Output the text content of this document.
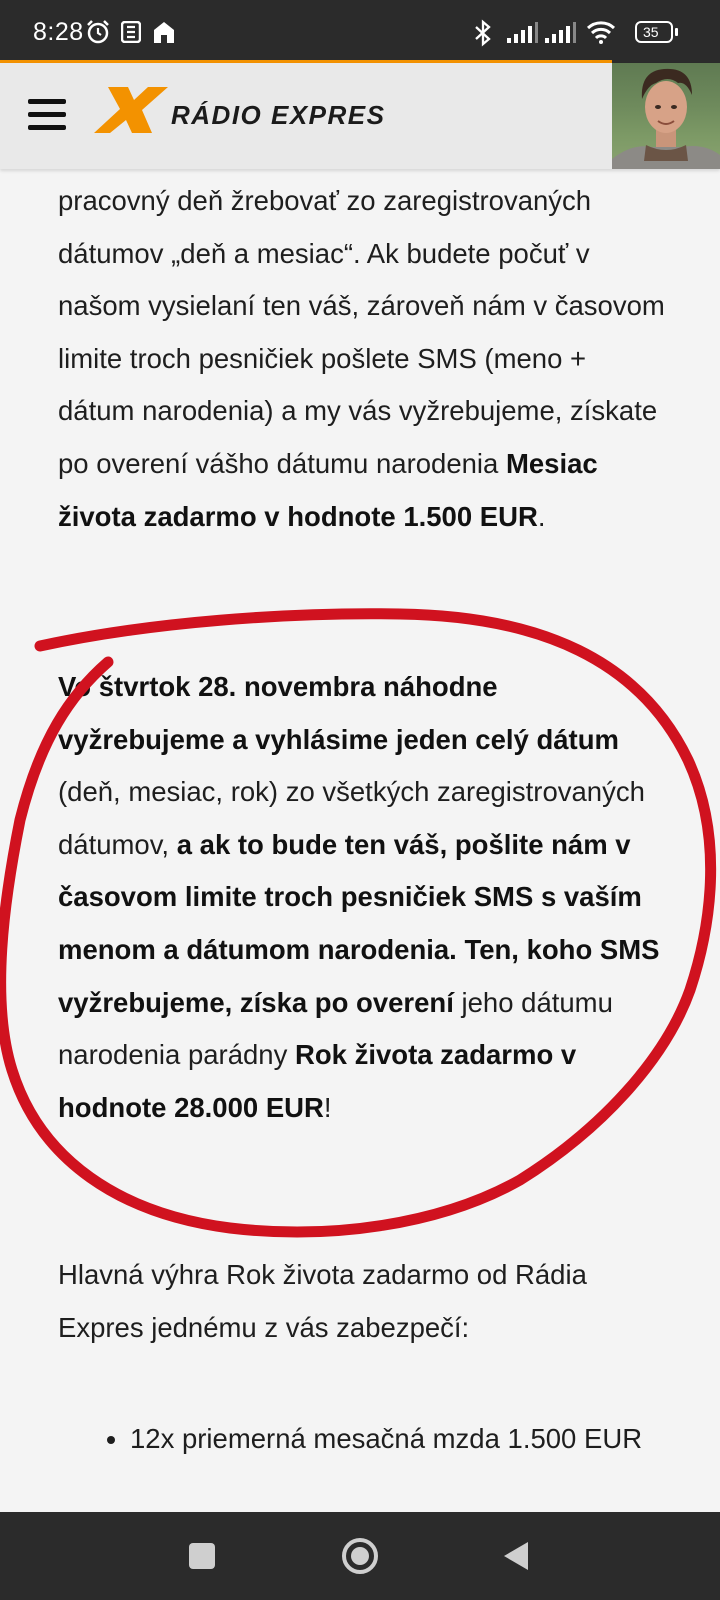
8:28	35
RÁDIO EXPRES

pracovný deň žrebovať zo zaregistrovaných dátumov „deň a mesiac“. Ak budete počuť v našom vysielaní ten váš, zároveň nám v časovom limite troch pesničiek pošlete SMS (meno + dátum narodenia) a my vás vyžrebujeme, získate po overení vášho dátumu narodenia Mesiac života zadarmo v hodnote 1.500 EUR.

Vo štvrtok 28. novembra náhodne vyžrebujeme a vyhlásime jeden celý dátum (deň, mesiac, rok) zo všetkých zaregistrovaných dátumov, a ak to bude ten váš, pošlite nám v časovom limite troch pesničiek SMS s vaším menom a dátumom narodenia. Ten, koho SMS vyžrebujeme, získa po overení jeho dátumu narodenia parádny Rok života zadarmo v hodnote 28.000 EUR!

Hlavná výhra Rok života zadarmo od Rádia Expres jednému z vás zabezpečí:

• 12x priemerná mesačná mzda 1.500 EUR
